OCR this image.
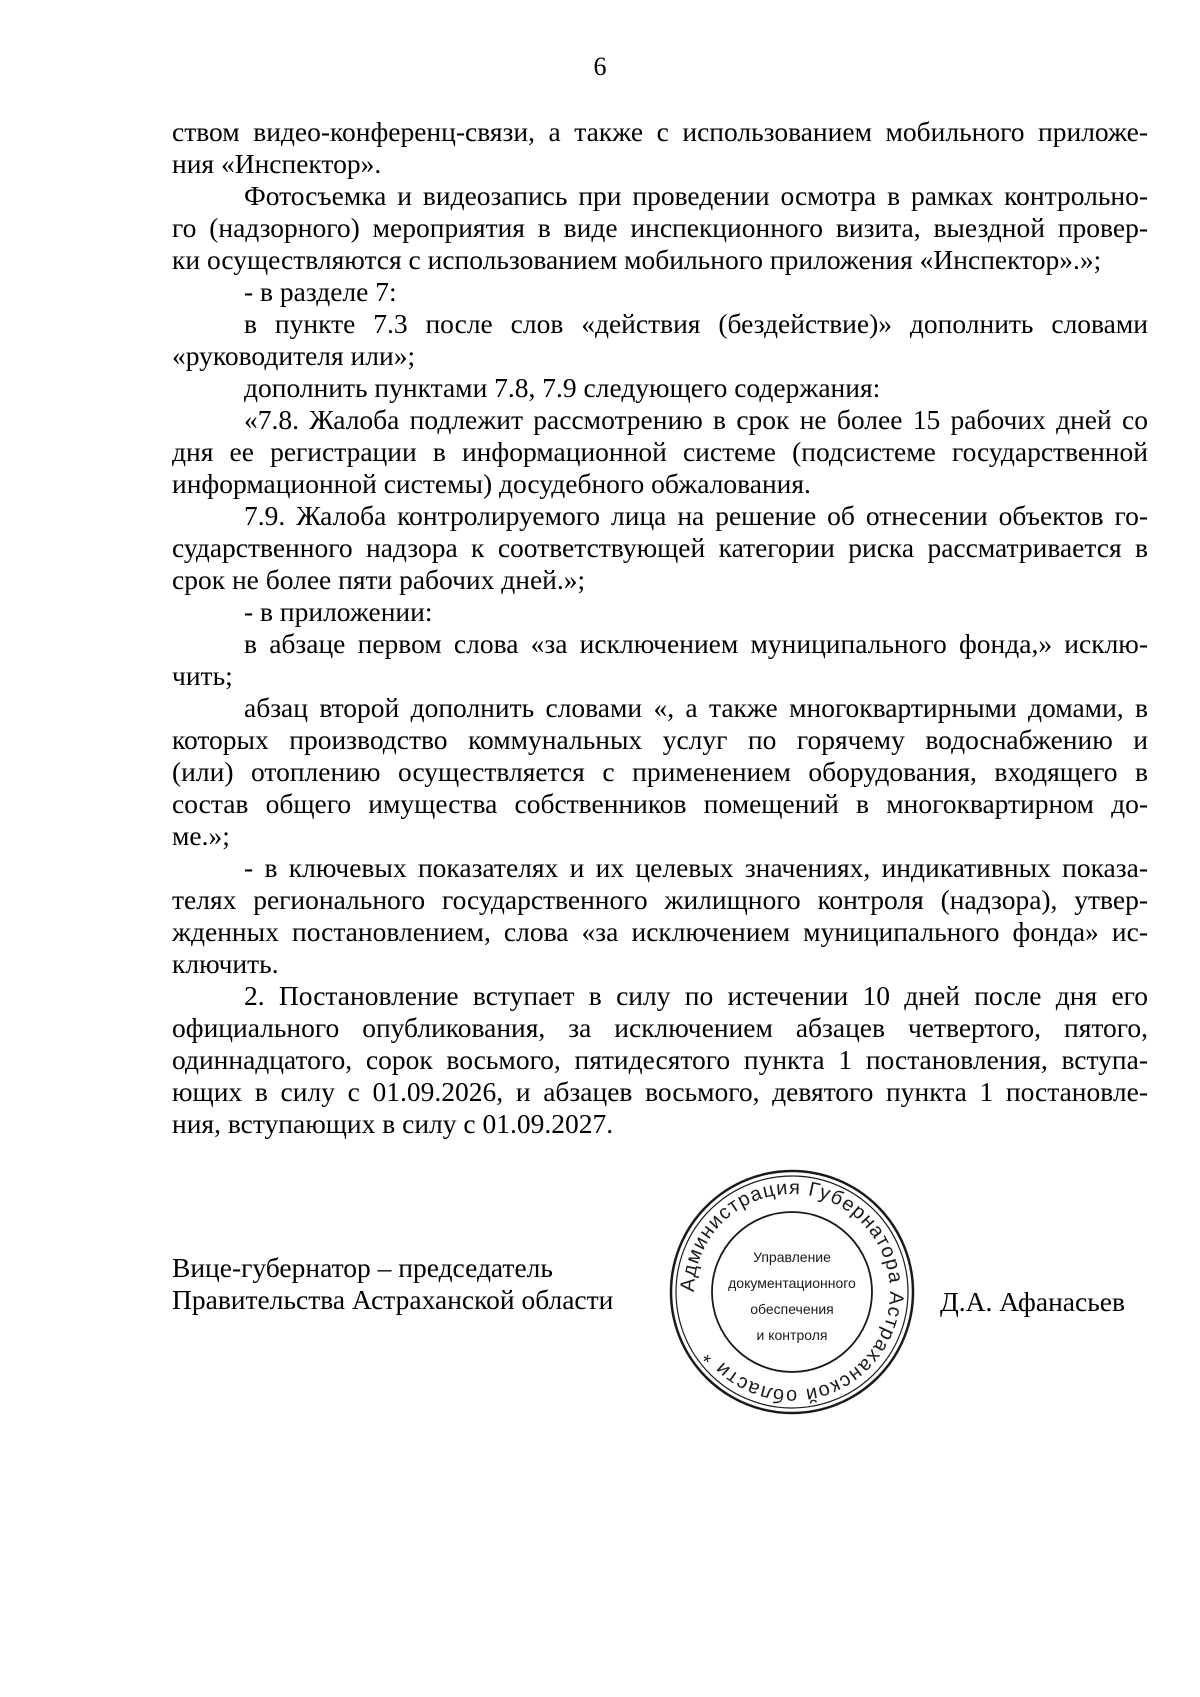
6
ством видео-конференц-связи, а также с использованием мобильного приложе-
ния «Инспектор».
Фотосъемка и видеозапись при проведении осмотра в рамках контрольно-
го (надзорного) мероприятия в виде инспекционного визита, выездной провер-
ки осуществляются с использованием мобильного приложения «Инспектор».»;
- в разделе 7:
в пункте 7.3 после слов «действия (бездействие)» дополнить словами
«руководителя или»;
дополнить пунктами 7.8, 7.9 следующего содержания:
«7.8. Жалоба подлежит рассмотрению в срок не более 15 рабочих дней со
дня ее регистрации в информационной системе (подсистеме государственной
информационной системы) досудебного обжалования.
7.9. Жалоба контролируемого лица на решение об отнесении объектов го-
сударственного надзора к соответствующей категории риска рассматривается в
срок не более пяти рабочих дней.»;
- в приложении:
в абзаце первом слова «за исключением муниципального фонда,» исклю-
чить;
абзац второй дополнить словами «, а также многоквартирными домами, в
которых производство коммунальных услуг по горячему водоснабжению и
(или) отоплению осуществляется с применением оборудования, входящего в
состав общего имущества собственников помещений в многоквартирном до-
ме.»;
- в ключевых показателях и их целевых значениях, индикативных показа-
телях регионального государственного жилищного контроля (надзора), утвер-
жденных постановлением, слова «за исключением муниципального фонда» ис-
ключить.
2. Постановление вступает в силу по истечении 10 дней после дня его
официального опубликования, за исключением абзацев четвертого, пятого,
одиннадцатого, сорок восьмого, пятидесятого пункта 1 постановления, вступа-
ющих в силу с 01.09.2026, и абзацев восьмого, девятого пункта 1 постановле-
ния, вступающих в силу с 01.09.2027.
Вице-губернатор – председатель
Правительства Астраханской области	Администрация Губернатора Астраханской области *
Управление
документационного
обеспечения
и контроля
Д.А. Афанасьев
